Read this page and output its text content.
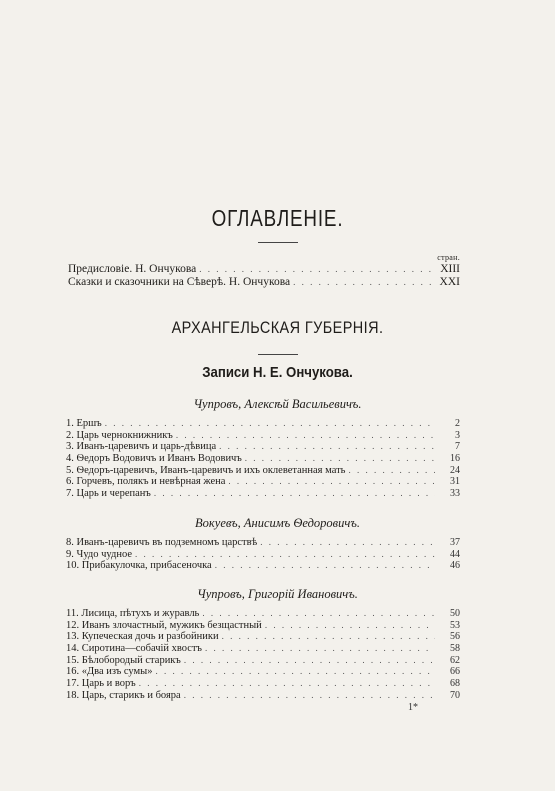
ОГЛАВЛЕНІЕ.
стран.
Предисловіе. Н. Ончукова . . .	XIII
Сказки и сказочники на Сѣверѣ. Н. Ончукова . . .	XXI
АРХАНГЕЛЬСКАЯ ГУБЕРНІЯ.
Записи Н. Е. Ончукова.
Чупровъ, Алексѣй Васильевичъ.
1. Ершъ . . .	2
2. Царь чернокнижникъ . . .	3
3. Иванъ-царевичъ и царь-дѣвица . . .	7
4. Ѳедоръ Водовичъ и Иванъ Водовичъ . . .	16
5. Ѳедоръ-царевичъ, Иванъ-царевичъ и ихъ оклеветанная мать . . .	24
6. Горчевъ, полякъ и невѣрная жена . . .	31
7. Царь и черепанъ . . .	33
Вокуевъ, Анисимъ Ѳедоровичъ.
8. Иванъ-царевичъ въ подземномъ царствѣ . . .	37
9. Чудо чудное . . .	44
10. Прибакулочка, прибасеночка . . .	46
Чупровъ, Григорій Ивановичъ.
11. Лисица, пѣтухъ и журавль . . .	50
12. Иванъ злочастный, мужикъ безщастный . . .	53
13. Купеческая дочь и разбойники . . .	56
14. Сиротина—собачій хвостъ . . .	58
15. Бѣлобородый старикъ . . .	62
16. «Два изъ сумы» . . .	66
17. Царь и воръ . . .	68
18. Царь, старикъ и бояра . . .	70
1*
